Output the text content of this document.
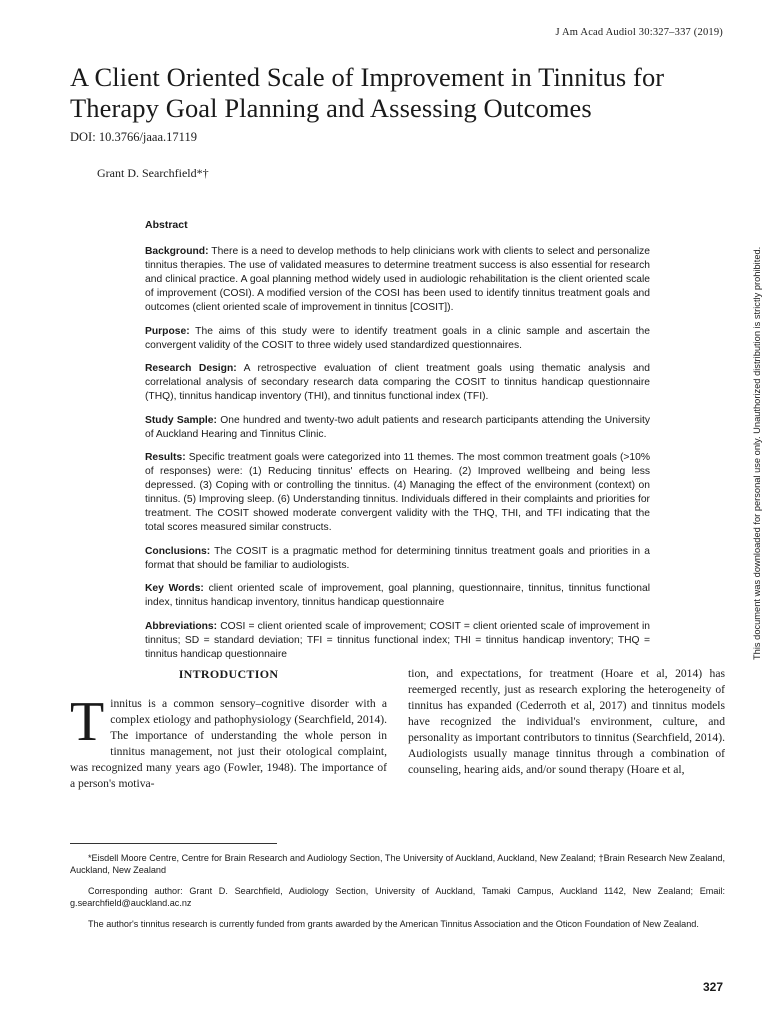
J Am Acad Audiol 30:327–337 (2019)
A Client Oriented Scale of Improvement in Tinnitus for Therapy Goal Planning and Assessing Outcomes
DOI: 10.3766/jaaa.17119
Grant D. Searchfield*†

Abstract

Background: There is a need to develop methods to help clinicians work with clients to select and personalize tinnitus therapies. The use of validated measures to determine treatment success is also essential for research and clinical practice. A goal planning method widely used in audiologic rehabilitation is the client oriented scale of improvement (COSI). A modified version of the COSI has been used to identify tinnitus treatment goals and outcomes (client oriented scale of improvement in tinnitus [COSIT]).

Purpose: The aims of this study were to identify treatment goals in a clinic sample and ascertain the convergent validity of the COSIT to three widely used standardized questionnaires.

Research Design: A retrospective evaluation of client treatment goals using thematic analysis and correlational analysis of secondary research data comparing the COSIT to tinnitus handicap questionnaire (THQ), tinnitus handicap inventory (THI), and tinnitus functional index (TFI).

Study Sample: One hundred and twenty-two adult patients and research participants attending the University of Auckland Hearing and Tinnitus Clinic.

Results: Specific treatment goals were categorized into 11 themes. The most common treatment goals (>10% of responses) were: (1) Reducing tinnitus' effects on Hearing. (2) Improved wellbeing and being less depressed. (3) Coping with or controlling the tinnitus. (4) Managing the effect of the environment (context) on tinnitus. (5) Improving sleep. (6) Understanding tinnitus. Individuals differed in their complaints and priorities for treatment. The COSIT showed moderate convergent validity with the THQ, THI, and TFI indicating that the total scores measured similar constructs.

Conclusions: The COSIT is a pragmatic method for determining tinnitus treatment goals and priorities in a format that should be familiar to audiologists.

Key Words: client oriented scale of improvement, goal planning, questionnaire, tinnitus, tinnitus functional index, tinnitus handicap inventory, tinnitus handicap questionnaire

Abbreviations: COSI = client oriented scale of improvement; COSIT = client oriented scale of improvement in tinnitus; SD = standard deviation; TFI = tinnitus functional index; THI = tinnitus handicap inventory; THQ = tinnitus handicap questionnaire	This document was downloaded for personal use only. Unauthorized distribution is strictly prohibited.
INTRODUCTION
T innitus is a common sensory–cognitive disorder with a complex etiology and pathophysiology (Searchfield, 2014). The importance of understanding the whole person in tinnitus management, not just their otological complaint, was recognized many years ago (Fowler, 1948). The importance of a person's motiva-
tion, and expectations, for treatment (Hoare et al, 2014) has reemerged recently, just as research exploring the heterogeneity of tinnitus has expanded (Cederroth et al, 2017) and tinnitus models have recognized the individual's environment, culture, and personality as important contributors to tinnitus (Searchfield, 2014). Audiologists usually manage tinnitus through a combination of counseling, hearing aids, and/or sound therapy (Hoare et al,

*Eisdell Moore Centre, Centre for Brain Research and Audiology Section, The University of Auckland, Auckland, New Zealand; †Brain Research New Zealand, Auckland, New Zealand

Corresponding author: Grant D. Searchfield, Audiology Section, University of Auckland, Tamaki Campus, Auckland 1142, New Zealand; Email: g.searchfield@auckland.ac.nz

The author's tinnitus research is currently funded from grants awarded by the American Tinnitus Association and the Oticon Foundation of New Zealand.

327
